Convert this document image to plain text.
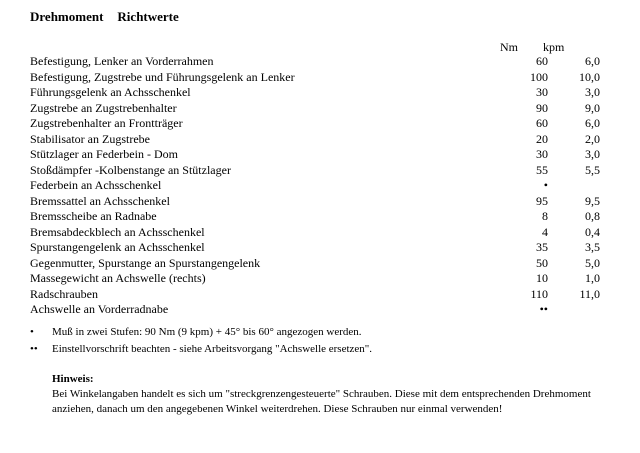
Drehmoment Richtwerte
Nm kpm
Befestigung, Lenker an Vorderrahmen	60	6,0
Befestigung, Zugstrebe und Führungsgelenk an Lenker	100	10,0
Führungsgelenk an Achsschenkel	30	3,0
Zugstrebe an Zugstrebenhalter	90	9,0
Zugstrebenhalter an Frontträger	60	6,0
Stabilisator an Zugstrebe	20	2,0
Stützlager an Federbein - Dom	30	3,0
Stoßdämpfer -Kolbenstange an Stützlager	55	5,5
Federbein an Achsschenkel	•
Bremssattel an Achsschenkel	95	9,5
Bremsscheibe an Radnabe	8	0,8
Bremsabdeckblech an Achsschenkel	4	0,4
Spurstangengelenk an Achsschenkel	35	3,5
Gegenmutter, Spurstange an Spurstangengelenk	50	5,0
Massegewicht an Achswelle (rechts)	10	1,0
Radschrauben	110	11,0
Achswelle an Vorderradnabe	••
•	Muß in zwei Stufen: 90 Nm (9 kpm) + 45° bis 60° angezogen werden.
••	Einstellvorschrift beachten - siehe Arbeitsvorgang "Achswelle ersetzen".
Hinweis:
Bei Winkelangaben handelt es sich um "streckgrenzengesteuerte" Schrauben. Diese mit dem entsprechenden Drehmoment anziehen, danach um den angegebenen Winkel weiterdrehen. Diese Schrauben nur einmal verwenden!
